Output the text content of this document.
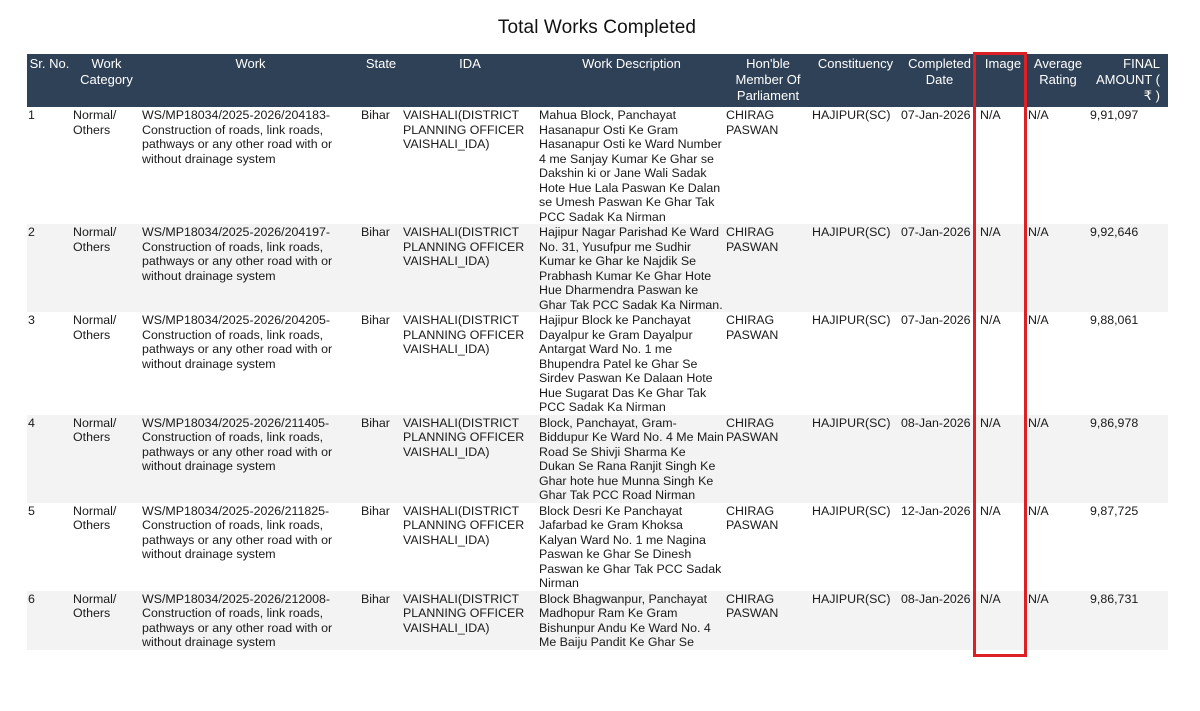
Total Works Completed
Sr. No.	Work Category	Work	State	IDA	Work Description	Hon'ble Member Of Parliament	Constituency	Completed Date	Image	Average Rating	FINAL AMOUNT ( ₹ )
1	Normal/ Others	WS/MP18034/2025-2026/204183-Construction of roads, link roads, pathways or any other road with or without drainage system	Bihar	VAISHALI(DISTRICT PLANNING OFFICER VAISHALI_IDA)	Mahua Block, Panchayat Hasanapur Osti Ke Gram Hasanapur Osti ke Ward Number 4 me Sanjay Kumar Ke Ghar se Dakshin ki or Jane Wali Sadak Hote Hue Lala Paswan Ke Dalan se Umesh Paswan Ke Ghar Tak PCC Sadak Ka Nirman	CHIRAG PASWAN	HAJIPUR(SC)	07-Jan-2026	N/A	N/A	9,91,097
2	Normal/ Others	WS/MP18034/2025-2026/204197-Construction of roads, link roads, pathways or any other road with or without drainage system	Bihar	VAISHALI(DISTRICT PLANNING OFFICER VAISHALI_IDA)	Hajipur Nagar Parishad Ke Ward No. 31, Yusufpur me Sudhir Kumar ke Ghar ke Najdik Se Prabhash Kumar Ke Ghar Hote Hue Dharmendra Paswan ke Ghar Tak PCC Sadak Ka Nirman.	CHIRAG PASWAN	HAJIPUR(SC)	07-Jan-2026	N/A	N/A	9,92,646
3	Normal/ Others	WS/MP18034/2025-2026/204205-Construction of roads, link roads, pathways or any other road with or without drainage system	Bihar	VAISHALI(DISTRICT PLANNING OFFICER VAISHALI_IDA)	Hajipur Block ke Panchayat Dayalpur ke Gram Dayalpur Antargat Ward No. 1 me Bhupendra Patel ke Ghar Se Sirdev Paswan Ke Dalaan Hote Hue Sugarat Das Ke Ghar Tak PCC Sadak Ka Nirman	CHIRAG PASWAN	HAJIPUR(SC)	07-Jan-2026	N/A	N/A	9,88,061
4	Normal/ Others	WS/MP18034/2025-2026/211405-Construction of roads, link roads, pathways or any other road with or without drainage system	Bihar	VAISHALI(DISTRICT PLANNING OFFICER VAISHALI_IDA)	Block, Panchayat, Gram-Biddupur Ke Ward No. 4 Me Main Road Se Shivji Sharma Ke Dukan Se Rana Ranjit Singh Ke Ghar hote hue Munna Singh Ke Ghar Tak PCC Road Nirman	CHIRAG PASWAN	HAJIPUR(SC)	08-Jan-2026	N/A	N/A	9,86,978
5	Normal/ Others	WS/MP18034/2025-2026/211825-Construction of roads, link roads, pathways or any other road with or without drainage system	Bihar	VAISHALI(DISTRICT PLANNING OFFICER VAISHALI_IDA)	Block Desri Ke Panchayat Jafarbad ke Gram Khoksa Kalyan Ward No. 1 me Nagina Paswan ke Ghar Se Dinesh Paswan ke Ghar Tak PCC Sadak Nirman	CHIRAG PASWAN	HAJIPUR(SC)	12-Jan-2026	N/A	N/A	9,87,725
6	Normal/ Others	WS/MP18034/2025-2026/212008-Construction of roads, link roads, pathways or any other road with or without drainage system	Bihar	VAISHALI(DISTRICT PLANNING OFFICER VAISHALI_IDA)	Block Bhagwanpur, Panchayat Madhopur Ram Ke Gram Bishunpur Andu Ke Ward No. 4 Me Baiju Pandit Ke Ghar Se	CHIRAG PASWAN	HAJIPUR(SC)	08-Jan-2026	N/A	N/A	9,86,731
